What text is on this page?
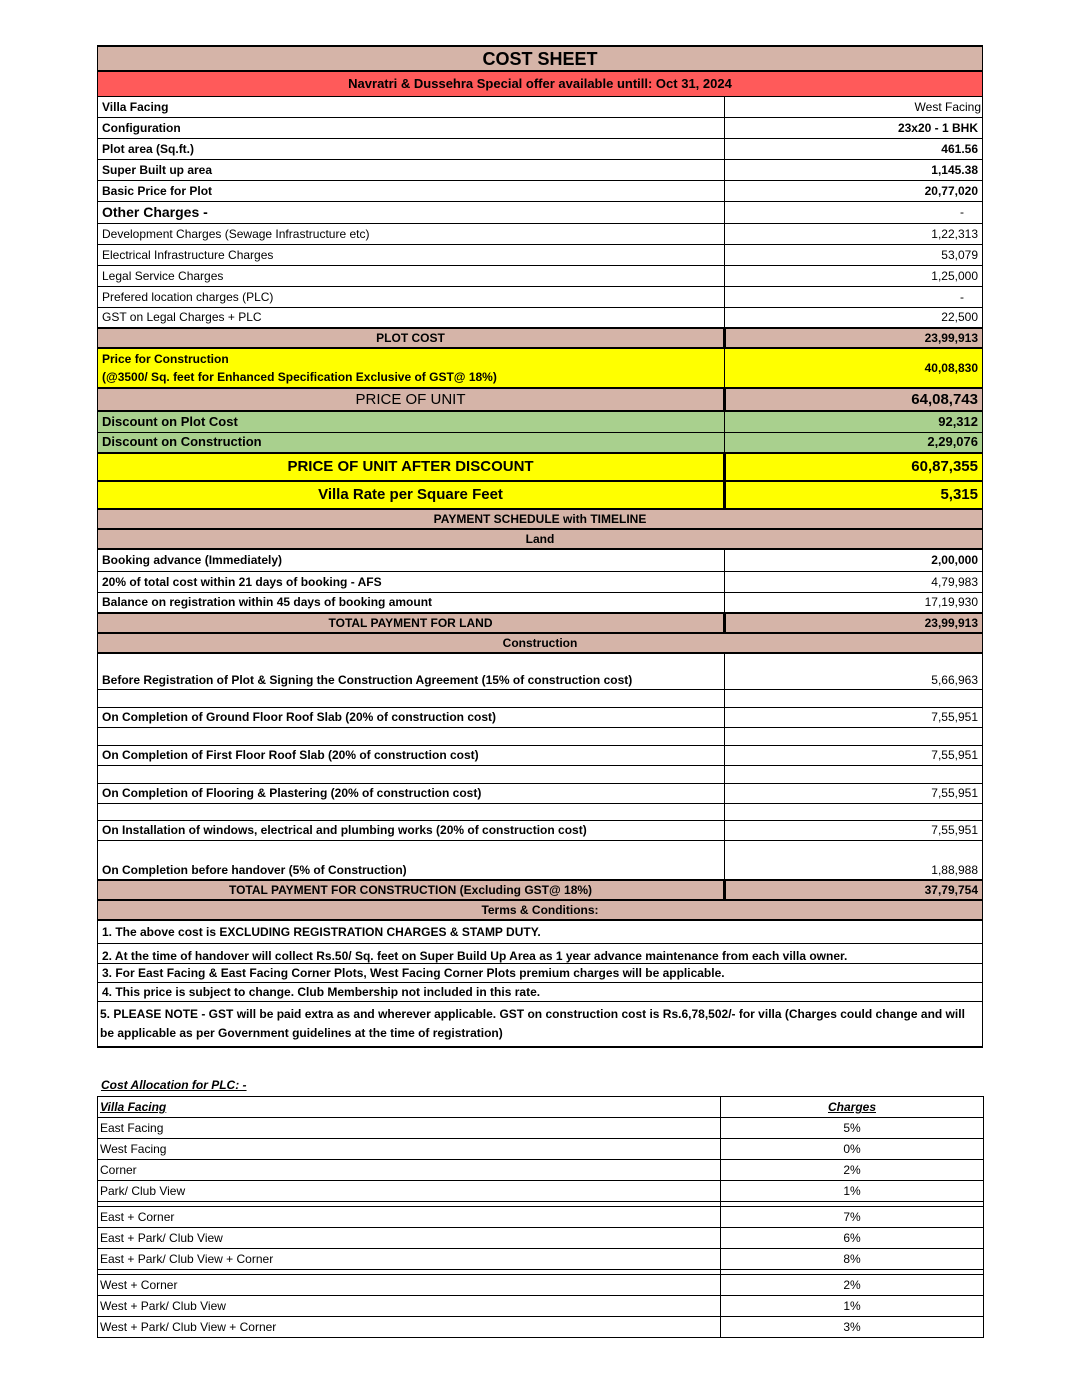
COST SHEET	
Navratri & Dussehra Special offer available untill: Oct 31, 2024	
Villa Facing	West Facing
Configuration	23x20 - 1 BHK
Plot area (Sq.ft.)	461.56
Super Built up area	1,145.38
Basic Price for Plot	20,77,020
Other Charges -	-
Development Charges (Sewage Infrastructure etc)	1,22,313
Electrical Infrastructure Charges	53,079
Legal Service Charges	1,25,000
Prefered location charges (PLC)	-
GST on Legal Charges + PLC	22,500
PLOT COST	23,99,913

Price for Construction
(@3500/ Sq. feet for Enhanced Specification Exclusive of GST@ 18%)	40,08,830
PRICE OF UNIT	64,08,743
Discount on Plot Cost	92,312
Discount on Construction	2,29,076
PRICE OF UNIT AFTER DISCOUNT	60,87,355
Villa Rate per Square Feet	5,315
PAYMENT SCHEDULE with TIMELINE	
Land	
Booking advance (Immediately)	2,00,000
20% of total cost within 21 days of booking - AFS	4,79,983
Balance on registration within 45 days of booking amount	17,19,930
TOTAL PAYMENT FOR LAND	23,99,913
Construction	
Before Registration of Plot & Signing the Construction Agreement (15% of construction cost)	5,66,963

On Completion of Ground Floor Roof Slab (20% of construction cost)	7,55,951

On Completion of First Floor Roof Slab (20% of construction cost)	7,55,951

On Completion of Flooring & Plastering (20% of construction cost)	7,55,951

On Installation of windows, electrical and plumbing works (20% of construction cost)	7,55,951
On Completion before handover (5% of Construction)	1,88,988
TOTAL PAYMENT FOR CONSTRUCTION (Excluding GST@ 18%)	37,79,754
Terms & Conditions:	
1. The above cost is EXCLUDING REGISTRATION CHARGES & STAMP DUTY.	
2. At the time of handover will collect Rs.50/ Sq. feet on Super Build Up Area as 1 year advance maintenance from each villa owner.	
3. For East Facing & East Facing Corner Plots, West Facing Corner Plots premium charges will be applicable.	
4. This price is subject to change. Club Membership not included in this rate.	
5. PLEASE NOTE - GST will be paid extra as and wherever applicable. GST on construction cost is Rs.6,78,502/- for villa (Charges could change and will be applicable as per Government guidelines at the time of registration)	
Cost Allocation for PLC: -
Villa Facing	Charges
East Facing	5%
West Facing	0%
Corner	2%
Park/ Club View	1%

East + Corner	7%
East + Park/ Club View	6%
East + Park/ Club View + Corner	8%

West + Corner	2%
West + Park/ Club View	1%
West + Park/ Club View + Corner	3%
